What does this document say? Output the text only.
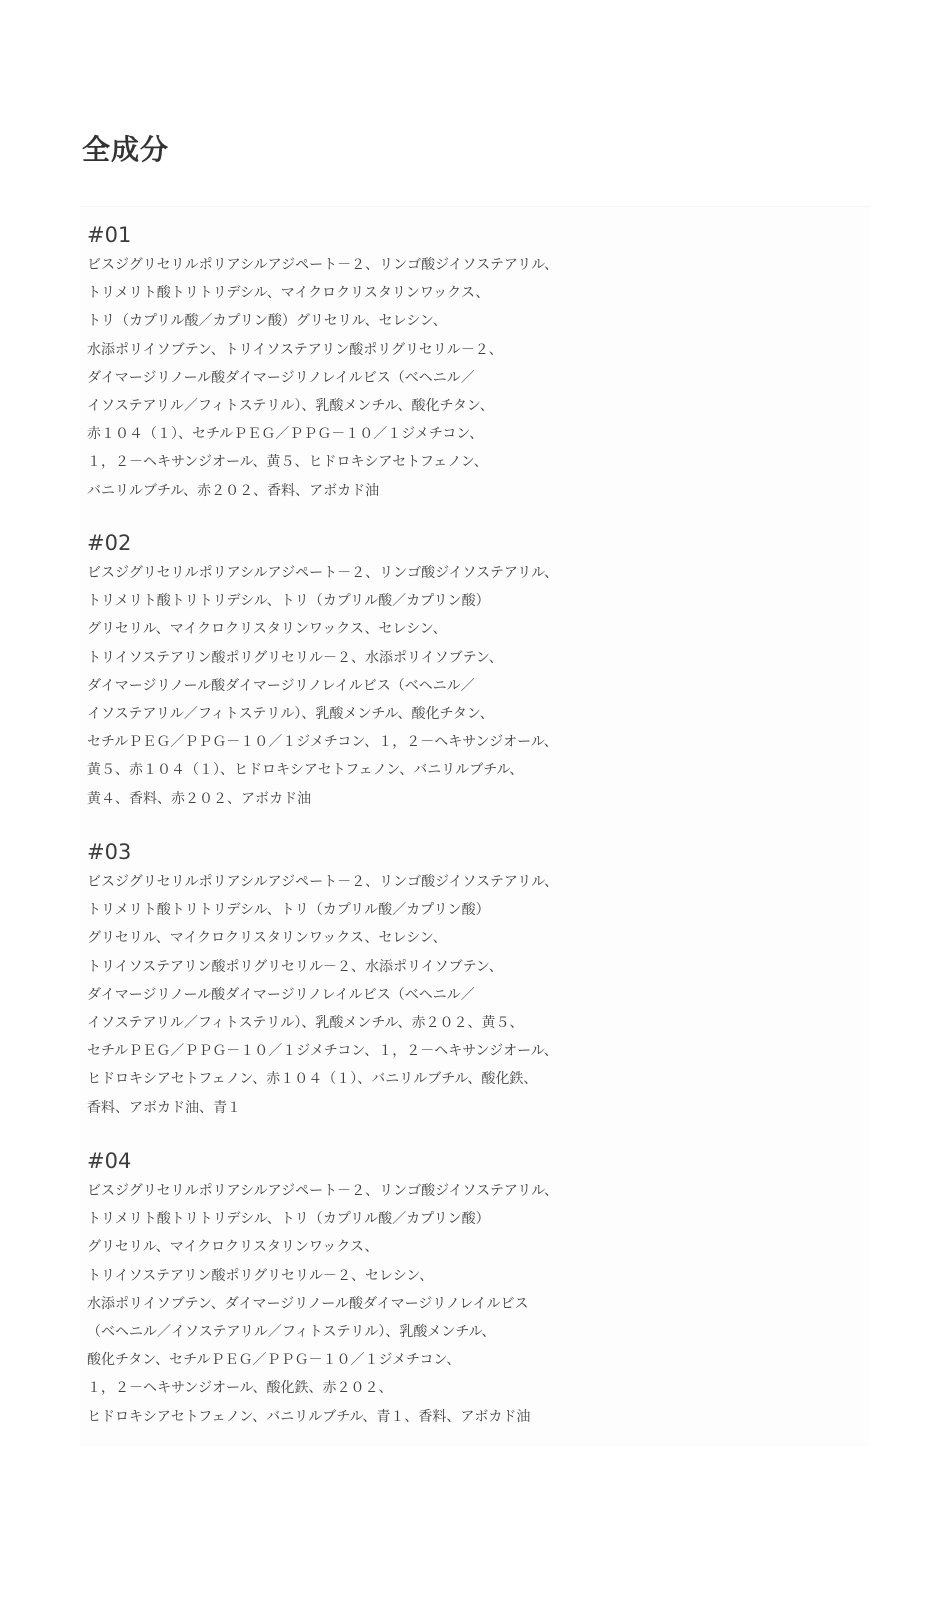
全成分
#01
ビスジグリセリルポリアシルアジペート－２、リンゴ酸ジイソステアリル、
トリメリト酸トリトリデシル、マイクロクリスタリンワックス、
トリ（カプリル酸／カプリン酸）グリセリル、セレシン、
水添ポリイソブテン、トリイソステアリン酸ポリグリセリル－２、
ダイマージリノール酸ダイマージリノレイルビス（ベヘニル／
イソステアリル／フィトステリル）、乳酸メンチル、酸化チタン、
赤１０４（１）、セチルＰＥＧ／ＰＰＧ－１０／１ジメチコン、
１，２－ヘキサンジオール、黄５、ヒドロキシアセトフェノン、
バニリルブチル、赤２０２、香料、アボカド油
#02
ビスジグリセリルポリアシルアジペート－２、リンゴ酸ジイソステアリル、
トリメリト酸トリトリデシル、トリ（カプリル酸／カプリン酸）
グリセリル、マイクロクリスタリンワックス、セレシン、
トリイソステアリン酸ポリグリセリル－２、水添ポリイソブテン、
ダイマージリノール酸ダイマージリノレイルビス（ベヘニル／
イソステアリル／フィトステリル）、乳酸メンチル、酸化チタン、
セチルＰＥＧ／ＰＰＧ－１０／１ジメチコン、１，２－ヘキサンジオール、
黄５、赤１０４（１）、ヒドロキシアセトフェノン、バニリルブチル、
黄４、香料、赤２０２、アボカド油
#03
ビスジグリセリルポリアシルアジペート－２、リンゴ酸ジイソステアリル、
トリメリト酸トリトリデシル、トリ（カプリル酸／カプリン酸）
グリセリル、マイクロクリスタリンワックス、セレシン、
トリイソステアリン酸ポリグリセリル－２、水添ポリイソブテン、
ダイマージリノール酸ダイマージリノレイルビス（ベヘニル／
イソステアリル／フィトステリル）、乳酸メンチル、赤２０２、黄５、
セチルＰＥＧ／ＰＰＧ－１０／１ジメチコン、１，２－ヘキサンジオール、
ヒドロキシアセトフェノン、赤１０４（１）、バニリルブチル、酸化鉄、
香料、アボカド油、青１
#04
ビスジグリセリルポリアシルアジペート－２、リンゴ酸ジイソステアリル、
トリメリト酸トリトリデシル、トリ（カプリル酸／カプリン酸）
グリセリル、マイクロクリスタリンワックス、
トリイソステアリン酸ポリグリセリル－２、セレシン、
水添ポリイソブテン、ダイマージリノール酸ダイマージリノレイルビス
（ベヘニル／イソステアリル／フィトステリル）、乳酸メンチル、
酸化チタン、セチルＰＥＧ／ＰＰＧ－１０／１ジメチコン、
１，２－ヘキサンジオール、酸化鉄、赤２０２、
ヒドロキシアセトフェノン、バニリルブチル、青１、香料、アボカド油
